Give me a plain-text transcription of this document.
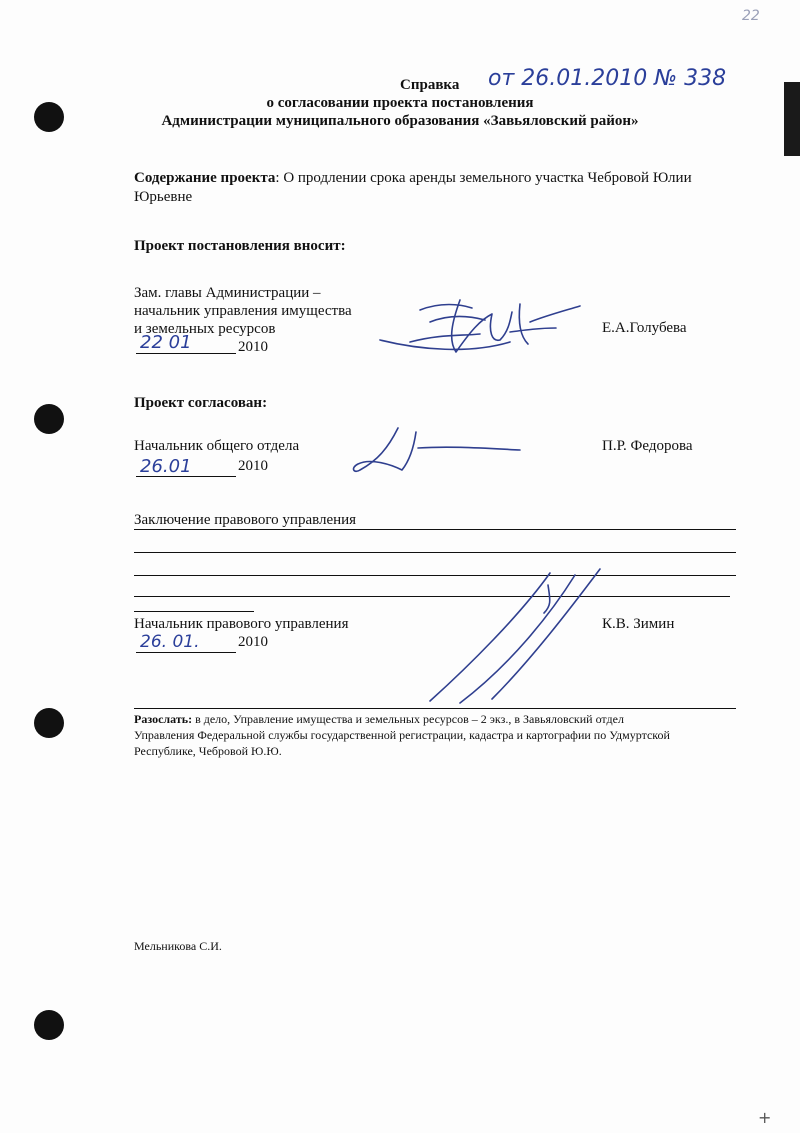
22
Справка от 26.01.2010 № 338
о согласовании проекта постановления
Администрации муниципального образования «Завьяловский район»
Содержание проекта: О продлении срока аренды земельного участка Чебровой Юлии
Юрьевне
Проект постановления вносит:
Зам. главы Администрации –
начальник управления имущества
и земельных ресурсов
22 01	2010
Е.А.Голубева
Проект согласован:
Начальник общего отдела
26.01	2010
П.Р. Федорова
Заключение правового управления
Начальник правового управления
26. 01.	2010
К.В. Зимин
Разослать: в дело, Управление имущества и земельных ресурсов – 2 экз., в Завьяловский отдел
Управления Федеральной службы государственной регистрации, кадастра и картографии по Удмуртской
Республике, Чебровой Ю.Ю.
Мельникова С.И.
+
